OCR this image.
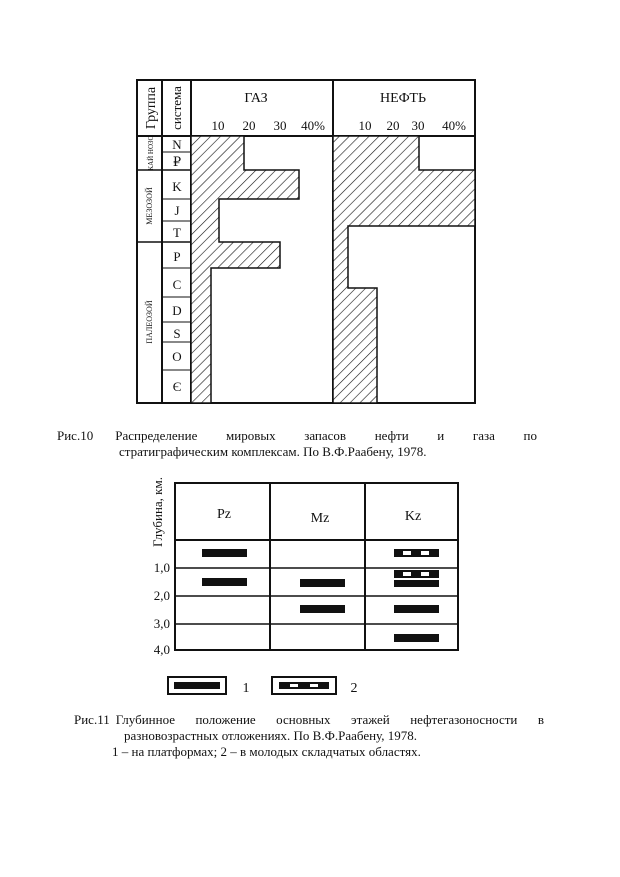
Группа система	ГАЗ	НЕФТЬ
10 20 30 40%	10 20 30 40%
КАЙ НОЗО
МЕЗОЗОЙ
ПАЛЕОЗОЙ
N
₽
K
J
T
P
C
D
S
O
Є
Рис.10 Распределение мировых запасов нефти и газа по
стратиграфическим комплексам. По В.Ф.Раабену, 1978.
Глубина, км.
1,0
2,0
3,0
4,0
Pz	Mz	Kz
1	2
Рис.11 Глубинное положение основных этажей нефтегазоносности в
разновозрастных отложениях. По В.Ф.Раабену, 1978.
1 – на платформах; 2 – в молодых складчатых областях.
